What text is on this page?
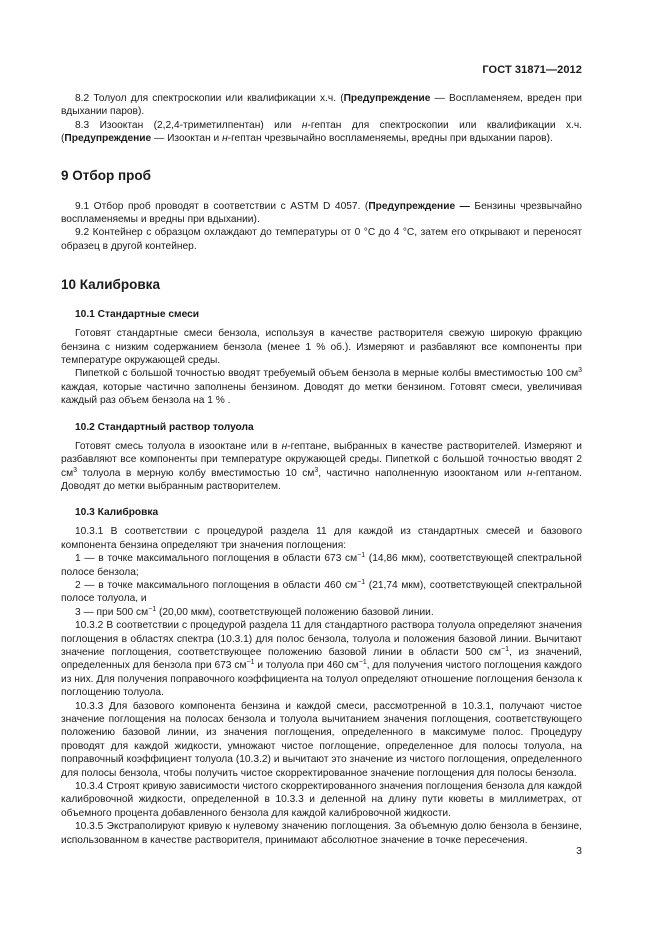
ГОСТ 31871—2012

8.2 Толуол для спектроскопии или квалификации х.ч. (Предупреждение — Воспламеняем, вреден при вдыхании паров).

8.3 Изооктан (2,2,4-триметилпентан) или н-гептан для спектроскопии или квалификации х.ч. (Предупреждение — Изооктан и н-гептан чрезвычайно воспламеняемы, вредны при вдыхании паров).

9 Отбор проб

9.1 Отбор проб проводят в соответствии с ASTM D 4057. (Предупреждение — Бензины чрезвычайно воспламеняемы и вредны при вдыхании).

9.2 Контейнер с образцом охлаждают до температуры от 0 °С до 4 °С, затем его открывают и переносят образец в другой контейнер.

10 Калибровка
10.1 Стандартные смеси

Готовят стандартные смеси бензола, используя в качестве растворителя свежую широкую фракцию бензина с низким содержанием бензола (менее 1 % об.). Измеряют и разбавляют все компоненты при температуре окружающей среды.

Пипеткой с большой точностью вводят требуемый объем бензола в мерные колбы вместимостью 100 $см^3$ каждая, которые частично заполнены бензином. Доводят до метки бензином. Готовят смеси, увеличивая каждый раз объем бензола на 1 % .

10.2 Стандартный раствор толуола

Готовят смесь толуола в изооктане или в н-гептане, выбранных в качестве растворителей. Измеряют и разбавляют все компоненты при температуре окружающей среды. Пипеткой с большой точностью вводят 2 $см^3$ толуола в мерную колбу вместимостью 10 $см^3$, частично наполненную изооктаном или н-гептаном. Доводят до метки выбранным растворителем.

10.3 Калибровка

10.3.1 В соответствии с процедурой раздела 11 для каждой из стандартных смесей и базового компонента бензина определяют три значения поглощения:

1 — в точке максимального поглощения в области 673 $см^{-1}$ (14,86 мкм), соответствующей спектральной полосе бензола;

2 — в точке максимального поглощения в области 460 $см^{-1}$ (21,74 мкм), соответствующей спектральной полосе толуола, и

3 — при 500 $см^{-1}$ (20,00 мкм), соответствующей положению базовой линии.

10.3.2 В соответствии с процедурой раздела 11 для стандартного раствора толуола определяют значения поглощения в областях спектра (10.3.1) для полос бензола, толуола и положения базовой линии. Вычитают значение поглощения, соответствующее положению базовой линии в области 500 $см^{-1}$, из значений, определенных для бензола при 673 $см^{-1}$ и толуола при 460 $см^{-1}$, для получения чистого поглощения каждого из них. Для получения поправочного коэффициента на толуол определяют отношение поглощения бензола к поглощению толуола.

10.3.3 Для базового компонента бензина и каждой смеси, рассмотренной в 10.3.1, получают чистое значение поглощения на полосах бензола и толуола вычитанием значения поглощения, соответствующего положению базовой линии, из значения поглощения, определенного в максимуме полос. Процедуру проводят для каждой жидкости, умножают чистое поглощение, определенное для полосы толуола, на поправочный коэффициент толуола (10.3.2) и вычитают это значение из чистого поглощения, определенного для полосы бензола, чтобы получить чистое скорректированное значение поглощения для полосы бензола.

10.3.4 Строят кривую зависимости чистого скорректированного значения поглощения бензола для каждой калибровочной жидкости, определенной в 10.3.3 и деленной на длину пути кюветы в миллиметрах, от объемного процента добавленного бензола для каждой калибровочной жидкости.

10.3.5 Экстраполируют кривую к нулевому значению поглощения. За объемную долю бензола в бензине, использованном в качестве растворителя, принимают абсолютное значение в точке пересечения.

3
